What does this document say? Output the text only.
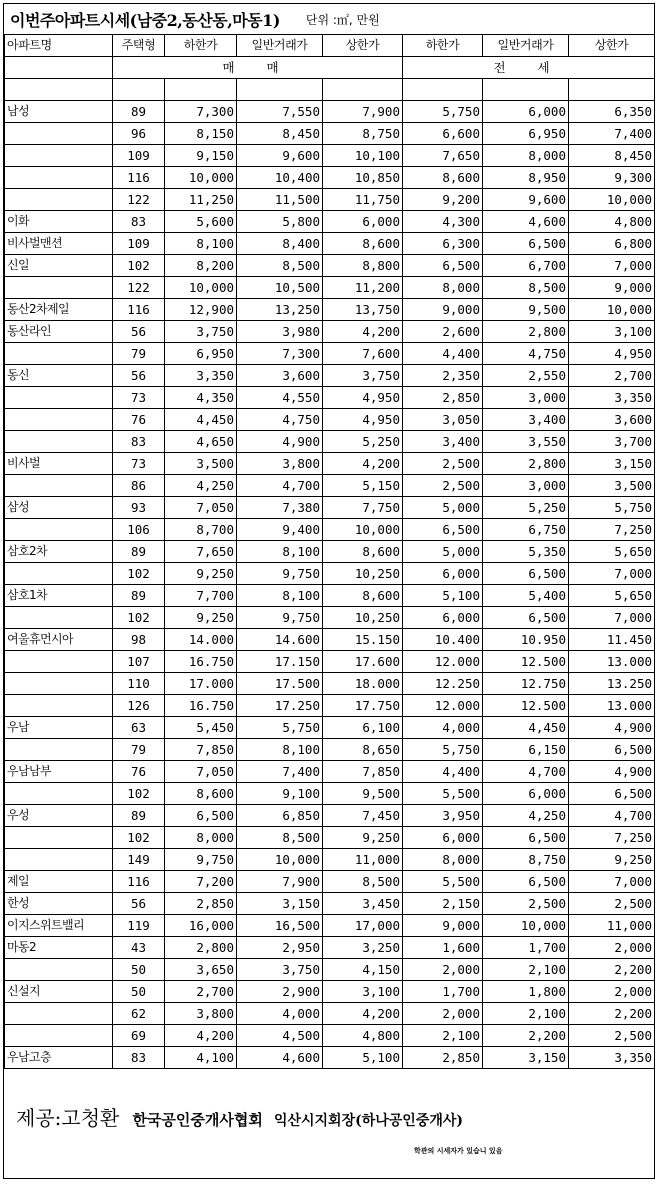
이번주아파트시세(남중2,동산동,마동1) 단위 :㎡, 만원
아파트명	주택형	하한가	일반거래가	상한가	하한가	일반거래가	상한가
	매 매				전 세		

남성	89	7,300	7,550	7,900	5,750	6,000	6,350
	96	8,150	8,450	8,750	6,600	6,950	7,400
	109	9,150	9,600	10,100	7,650	8,000	8,450
	116	10,000	10,400	10,850	8,600	8,950	9,300
	122	11,250	11,500	11,750	9,200	9,600	10,000
이화	83	5,600	5,800	6,000	4,300	4,600	4,800
비사벌맨션	109	8,100	8,400	8,600	6,300	6,500	6,800
신일	102	8,200	8,500	8,800	6,500	6,700	7,000
	122	10,000	10,500	11,200	8,000	8,500	9,000
동산2차제일	116	12,900	13,250	13,750	9,000	9,500	10,000
동산라인	56	3,750	3,980	4,200	2,600	2,800	3,100
	79	6,950	7,300	7,600	4,400	4,750	4,950
동신	56	3,350	3,600	3,750	2,350	2,550	2,700
	73	4,350	4,550	4,950	2,850	3,000	3,350
	76	4,450	4,750	4,950	3,050	3,400	3,600
	83	4,650	4,900	5,250	3,400	3,550	3,700
비사벌	73	3,500	3,800	4,200	2,500	2,800	3,150
	86	4,250	4,700	5,150	2,500	3,000	3,500
삼성	93	7,050	7,380	7,750	5,000	5,250	5,750
	106	8,700	9,400	10,000	6,500	6,750	7,250
삼호2차	89	7,650	8,100	8,600	5,000	5,350	5,650
	102	9,250	9,750	10,250	6,000	6,500	7,000
삼호1차	89	7,700	8,100	8,600	5,100	5,400	5,650
	102	9,250	9,750	10,250	6,000	6,500	7,000
여울휴먼시아	98	14.000	14.600	15.150	10.400	10.950	11.450
	107	16.750	17.150	17.600	12.000	12.500	13.000
	110	17.000	17.500	18.000	12.250	12.750	13.250
	126	16.750	17.250	17.750	12.000	12.500	13.000
우남	63	5,450	5,750	6,100	4,000	4,450	4,900
	79	7,850	8,100	8,650	5,750	6,150	6,500
우남남부	76	7,050	7,400	7,850	4,400	4,700	4,900
	102	8,600	9,100	9,500	5,500	6,000	6,500
우성	89	6,500	6,850	7,450	3,950	4,250	4,700
	102	8,000	8,500	9,250	6,000	6,500	7,250
	149	9,750	10,000	11,000	8,000	8,750	9,250
제일	116	7,200	7,900	8,500	5,500	6,500	7,000
한성	56	2,850	3,150	3,450	2,150	2,500	2,500
이지스위트밸리	119	16,000	16,500	17,000	9,000	10,000	11,000
마동2	43	2,800	2,950	3,250	1,600	1,700	2,000
	50	3,650	3,750	4,150	2,000	2,100	2,200
신설지	50	2,700	2,900	3,100	1,700	1,800	2,000
	62	3,800	4,000	4,200	2,000	2,100	2,200
	69	4,200	4,500	4,800	2,100	2,200	2,500
우남고층	83	4,100	4,600	5,100	2,850	3,150	3,350
제공:고청환 한국공인중개사협회 익산시지회장(하나공인중개사)
학관의 시세자가 있습니 있음
